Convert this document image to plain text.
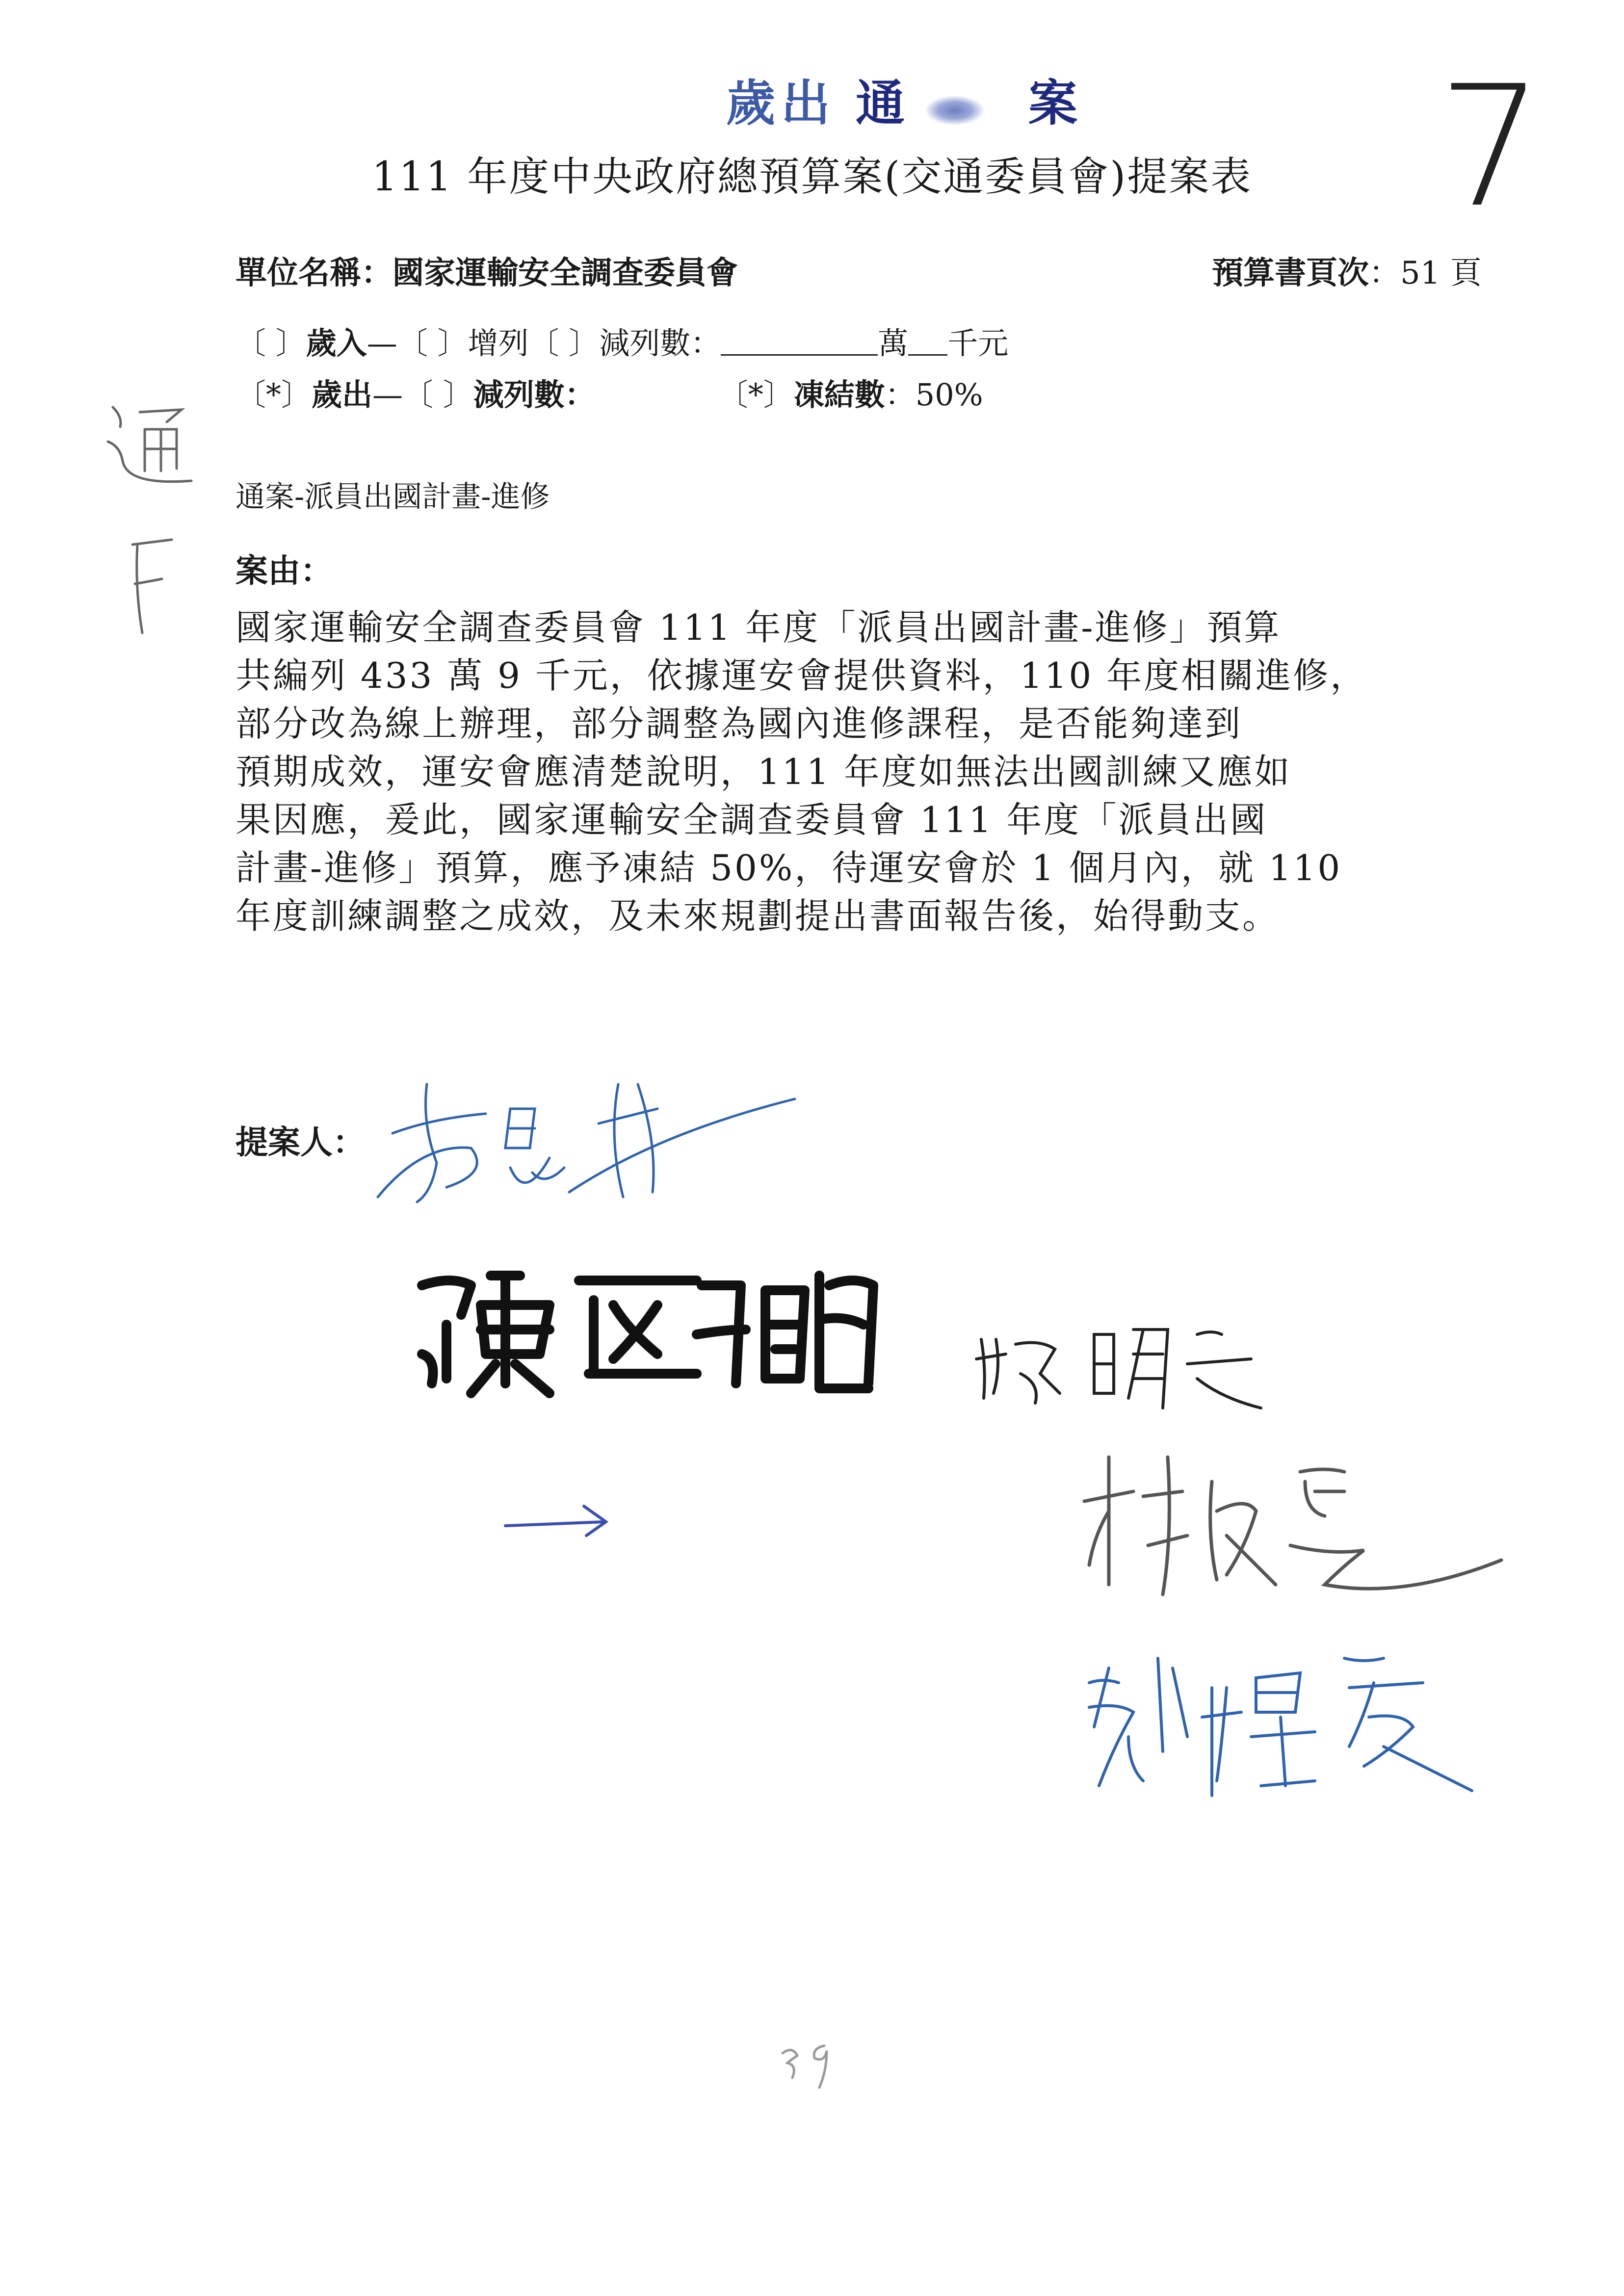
歲出 通 案 7
111 年度中央政府總預算案(交通委員會)提案表
單位名稱：國家運輸安全調查委員會	預算書頁次：51 頁
〔 〕歲入—〔 〕增列〔 〕減列數：	萬 千元
〔*〕歲出—〔 〕減列數：	〔*〕凍結數：50%
通案-派員出國計畫-進修
案由：
國家運輸安全調查委員會 111 年度「派員出國計畫-進修」預算
共編列 433 萬 9 千元，依據運安會提供資料，110 年度相關進修，
部分改為線上辦理，部分調整為國內進修課程，是否能夠達到
預期成效，運安會應清楚說明，111 年度如無法出國訓練又應如
果因應，爰此，國家運輸安全調查委員會 111 年度「派員出國
計畫-進修」預算，應予凍結 50%，待運安會於 1 個月內，就 110
年度訓練調整之成效，及未來規劃提出書面報告後，始得動支。
提案人：
